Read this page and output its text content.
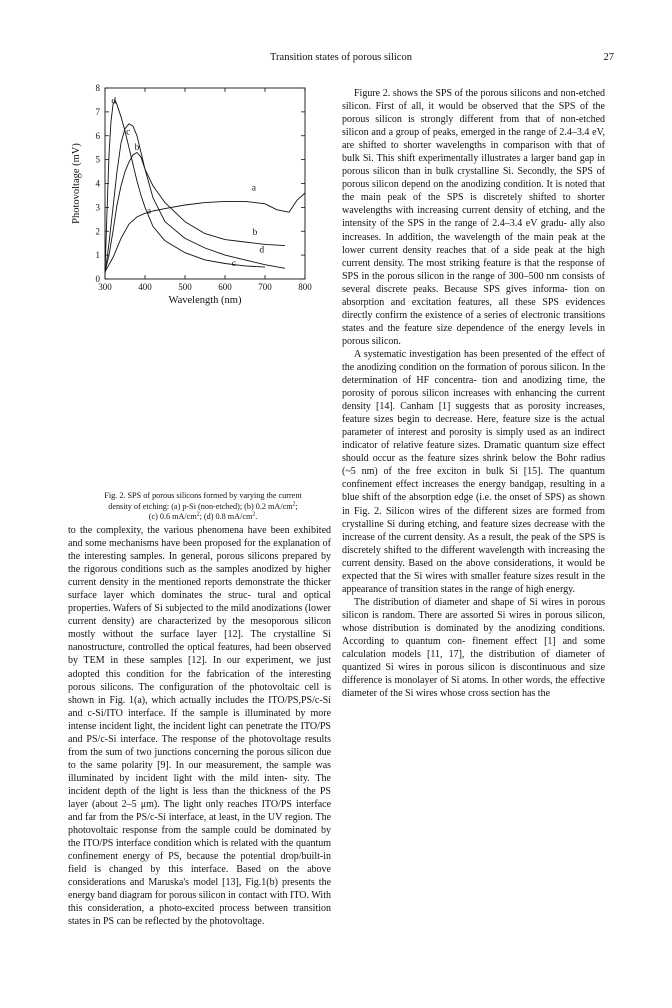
Transition states of porous silicon	27
300	400	500	600	700	800
0
1
2
3
4
5
6
7
8
Wavelength (nm)
Photovoltage (mV)
d
c
b
a
a
b
d
c
Fig. 2. SPS of porous silicons formed by varying the current
density of etching: (a) p-Si (non-etched); (b) 0.2 $mA/cm^2$;
(c) 0.6 $mA/cm^2$; (d) 0.8 $mA/cm^2$.

to the complexity, the various phenomena have been exhibited and some mechanisms have been proposed for the explanation of the interesting samples. In general, porous silicons prepared by the rigorous conditions such as the samples anodized by higher current density in the mentioned reports demonstrate the thicker surface layer which dominates the struc- tural and optical properties. Wafers of Si subjected to the mild anodizations (lower current density) are characterized by the mesoporous silicon mostly without the surface layer [12]. The crystalline Si nanostructure, controlled the optical features, had been observed by TEM in these samples [12]. In our experiment, we just adopted this condition for the fabrication of the interesting porous silicons. The configuration of the photovoltaic cell is shown in Fig. 1(a), which actually includes the ITO/PS,PS/c-Si and c-Si/ITO interface. If the sample is illuminated by more intense incident light, the incident light can penetrate the ITO/PS and PS/c-Si interface. The response of the photovoltage results from the sum of two junctions concerning the porous silicon due to the same polarity [9]. In our measurement, the sample was illuminated by incident light with the mild inten- sity. The incident depth of the light is less than the thickness of the PS layer (about 2–5 μm). The light only reaches ITO/PS interface and far from the PS/c-Si interface, at least, in the UV region. The photovoltaic response from the sample could be dominated by the ITO/PS interface condition which is related with the quantum confinement energy of PS, because the potential drop/built-in field is changed by this interface. Based on the above considerations and Maruska's model [13], Fig.1(b) presents the energy band diagram for porous silicon in contact with ITO. With this consideration, a photo-excited process between transition states in PS can be reflected by the photovoltage.

Figure 2. shows the SPS of the porous silicons and non-etched silicon. First of all, it would be observed that the SPS of the porous silicon is strongly different from that of non-etched silicon and a group of peaks, emerged in the range of 2.4–3.4 eV, are shifted to shorter wavelengths in comparison with that of bulk Si. This shift experimentally illustrates a larger band gap in porous silicon than in bulk crystalline Si. Secondly, the SPS of porous silicon depend on the anodizing condition. It is noted that the main peak of the SPS is discretely shifted to shorter wavelengths with increasing current density of etching, and the intensity of the SPS in the range of 2.4–3.4 eV gradu- ally also increases. In addition, the wavelength of the main peak at the lower current density reaches that of a side peak at the high current density. The most striking feature is that the response of SPS in the porous silicon in the range of 300–500 nm consists of several discrete peaks. Because SPS gives informa- tion on absorption and excitation features, all these SPS evidences directly confirm the existence of a series of electronic transitions states and the feature size dependence of the energy levels in porous silicon.

A systematic investigation has been presented of the effect of the anodizing condition on the formation of porous silicon. In the determination of HF concentra- tion and anodizing time, the porosity of porous silicon increases with enhancing the current density [14]. Canham [1] suggests that as porosity increases, feature sizes begin to decrease. Here, feature size is the actual parameter of interest and porosity is simply used as an indirect indicator of relative feature sizes. Dramatic quantum size effect should occur as the feature sizes shrink below the Bohr radius (~5 nm) of the free exciton in bulk Si [15]. The quantum confinement effect increases the energy bandgap, resulting in a blue shift of the absorption edge (i.e. the onset of SPS) as shown in Fig. 2. Silicon wires of the different sizes are formed from crystalline Si during etching, and feature sizes decrease with the increase of the current density. As a result, the peak of the SPS is discretely shifted to the different wavelength with increasing the current density. Based on the above considerations, it would be expected that the Si wires with smaller feature sizes result in the appearance of transition states in the range of high energy.

The distribution of diameter and shape of Si wires in porous silicon is random. There are assorted Si wires in porous silicon, whose distribution is dominated by the anodizing conditions. According to quantum con- finement effect [1] and some calculation models [11, 17], the distribution of diameter of quantized Si wires in porous silicon is discontinuous and size difference is monolayer of Si atoms. In other words, the effective diameter of the Si wires whose cross section has the
